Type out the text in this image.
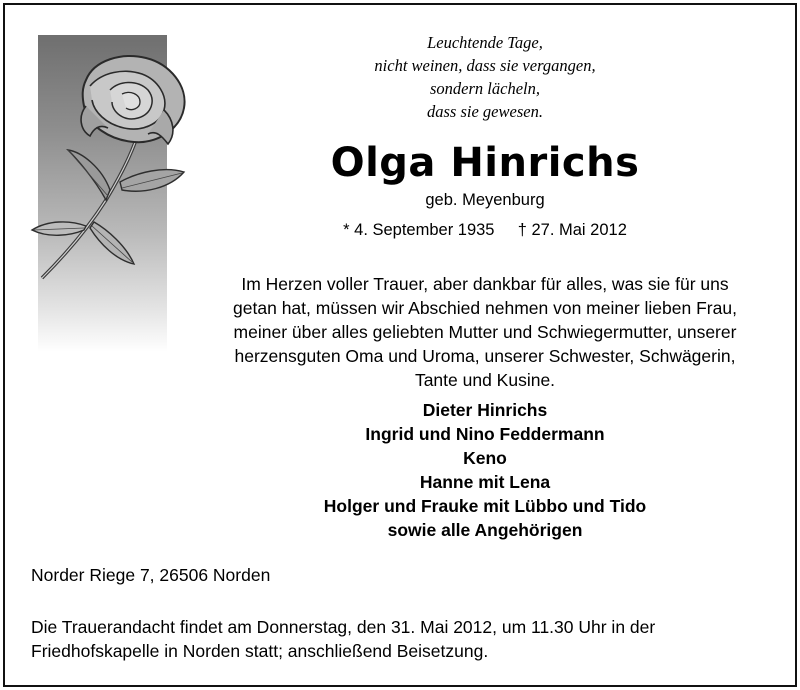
Leuchtende Tage,
nicht weinen, dass sie vergangen,
sondern lächeln,
dass sie gewesen.
Olga Hinrichs
geb. Meyenburg
* 4. September 1935 † 27. Mai 2012
Im Herzen voller Trauer, aber dankbar für alles, was sie für uns
getan hat, müssen wir Abschied nehmen von meiner lieben Frau,
meiner über alles geliebten Mutter und Schwiegermutter, unserer
herzensguten Oma und Uroma, unserer Schwester, Schwägerin,
Tante und Kusine.
Dieter Hinrichs
Ingrid und Nino Feddermann
Keno
Hanne mit Lena
Holger und Frauke mit Lübbo und Tido
sowie alle Angehörigen
Norder Riege 7, 26506 Norden
Die Trauerandacht findet am Donnerstag, den 31. Mai 2012, um 11.30 Uhr in der
Friedhofskapelle in Norden statt; anschließend Beisetzung.
